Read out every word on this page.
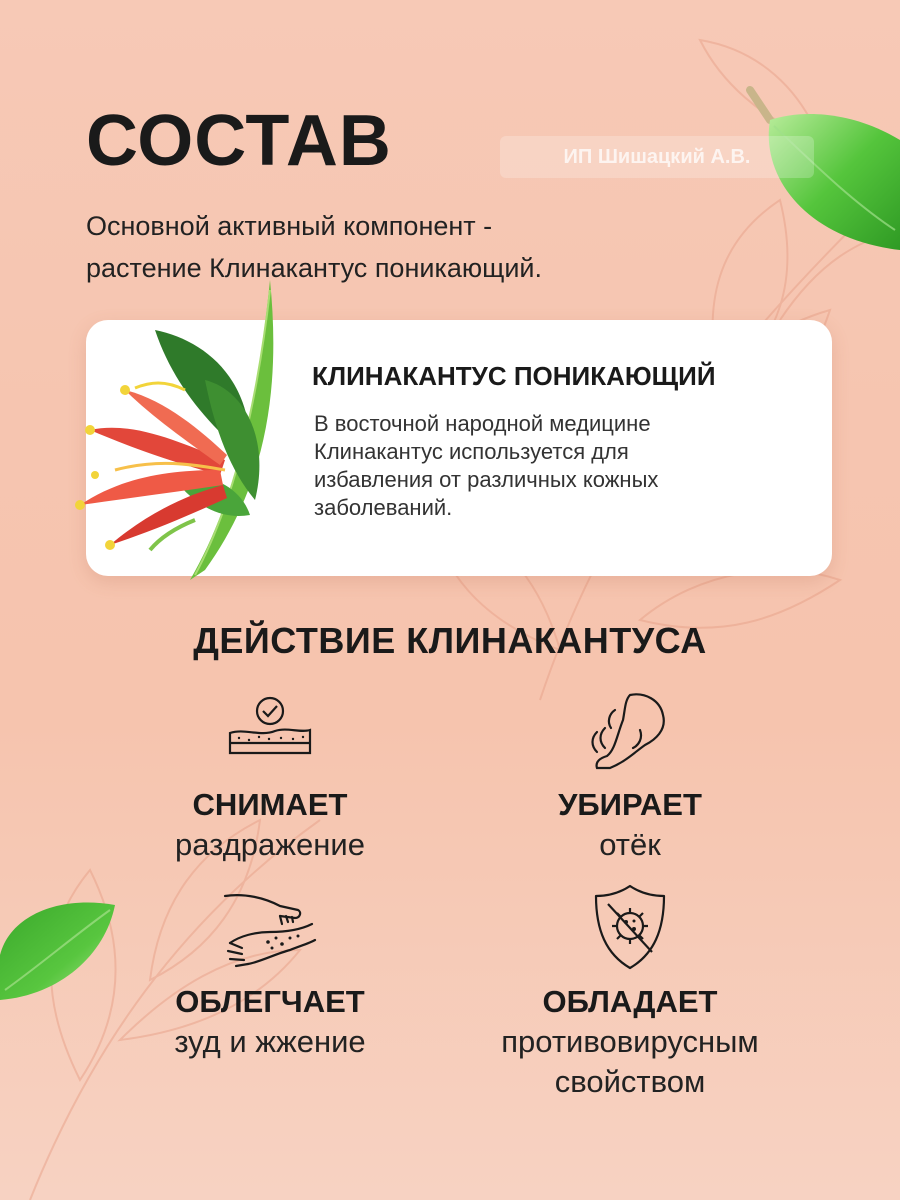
СОСТАВ	ИП Шишацкий А.В.
Основной активный компонент -
растение Клинакантус поникающий.
КЛИНАКАНТУС ПОНИКАЮЩИЙ
В восточной народной медицине
Клинакантус используется для
избавления от различных кожных
заболеваний.
ДЕЙСТВИЕ КЛИНАКАНТУСА
СНИМАЕТ
раздражение
УБИРАЕТ
отёк
ОБЛЕГЧАЕТ
зуд и жжение
ОБЛАДАЕТ
противовирусным
свойством
